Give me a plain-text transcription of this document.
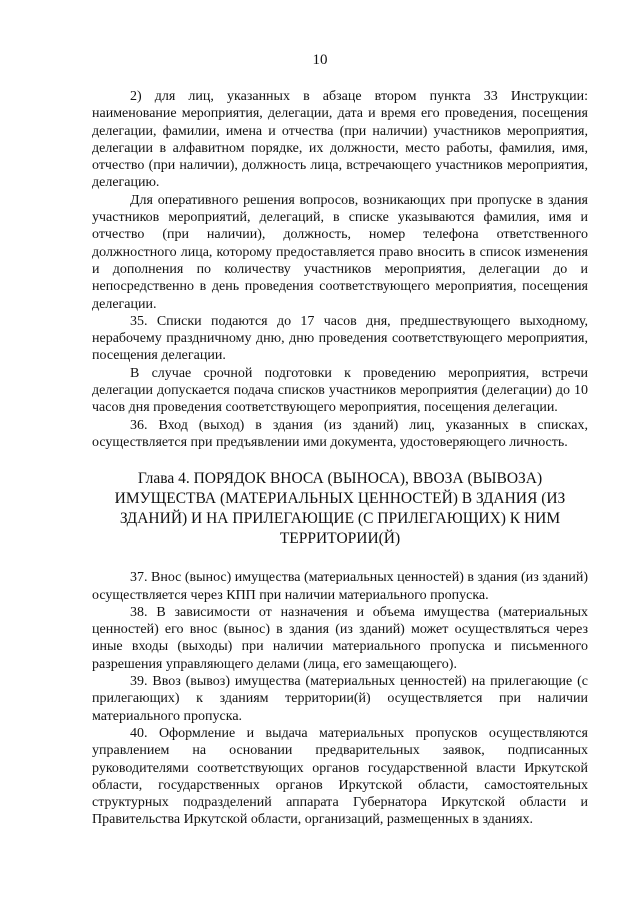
10

2) для лиц, указанных в абзаце втором пункта 33 Инструкции: наименование мероприятия, делегации, дата и время его проведения, посещения делегации, фамилии, имена и отчества (при наличии) участников мероприятия, делегации в алфавитном порядке, их должности, место работы, фамилия, имя, отчество (при наличии), должность лица, встречающего участников мероприятия, делегацию.

Для оперативного решения вопросов, возникающих при пропуске в здания участников мероприятий, делегаций, в списке указываются фамилия, имя и отчество (при наличии), должность, номер телефона ответственного должностного лица, которому предоставляется право вносить в список изменения и дополнения по количеству участников мероприятия, делегации до и непосредственно в день проведения соответствующего мероприятия, посещения делегации.

35. Списки подаются до 17 часов дня, предшествующего выходному, нерабочему праздничному дню, дню проведения соответствующего мероприятия, посещения делегации.

В случае срочной подготовки к проведению мероприятия, встречи делегации допускается подача списков участников мероприятия (делегации) до 10 часов дня проведения соответствующего мероприятия, посещения делегации.

36. Вход (выход) в здания (из зданий) лиц, указанных в списках, осуществляется при предъявлении ими документа, удостоверяющего личность.

Глава 4. ПОРЯДОК ВНОСА (ВЫНОСА), ВВОЗА (ВЫВОЗА) ИМУЩЕСТВА (МАТЕРИАЛЬНЫХ ЦЕННОСТЕЙ) В ЗДАНИЯ (ИЗ ЗДАНИЙ) И НА ПРИЛЕГАЮЩИЕ (С ПРИЛЕГАЮЩИХ) К НИМ ТЕРРИТОРИИ(Й)

37. Внос (вынос) имущества (материальных ценностей) в здания (из зданий) осуществляется через КПП при наличии материального пропуска.

38. В зависимости от назначения и объема имущества (материальных ценностей) его внос (вынос) в здания (из зданий) может осуществляться через иные входы (выходы) при наличии материального пропуска и письменного разрешения управляющего делами (лица, его замещающего).

39. Ввоз (вывоз) имущества (материальных ценностей) на прилегающие (с прилегающих) к зданиям территории(й) осуществляется при наличии материального пропуска.

40. Оформление и выдача материальных пропусков осуществляются управлением на основании предварительных заявок, подписанных руководителями соответствующих органов государственной власти Иркутской области, государственных органов Иркутской области, самостоятельных структурных подразделений аппарата Губернатора Иркутской области и Правительства Иркутской области, организаций, размещенных в зданиях.
